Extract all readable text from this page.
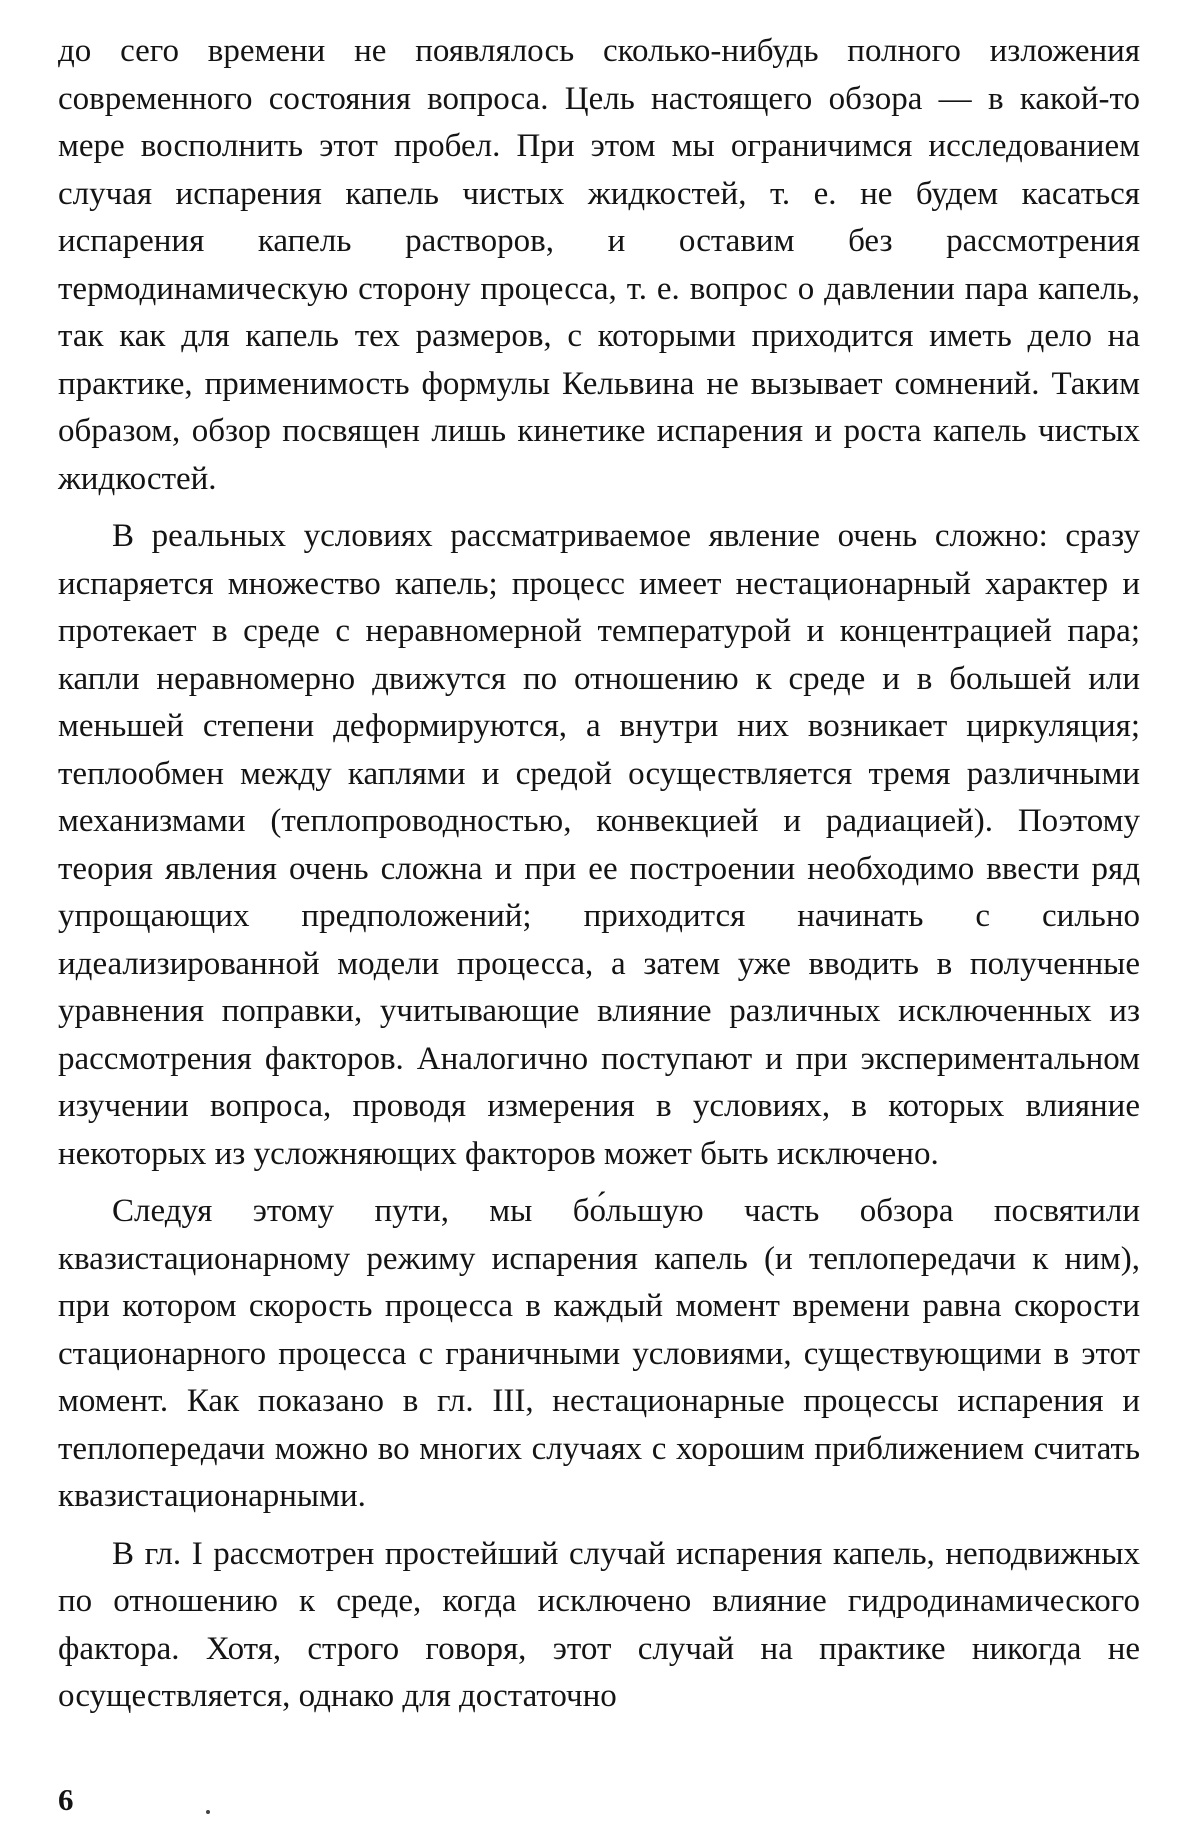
до сего времени не появлялось сколько-нибудь полного изложения современного состояния вопроса. Цель настоящего обзора — в какой-то мере восполнить этот пробел. При этом мы ограничимся исследованием случая испарения капель чистых жидкостей, т. е. не будем касаться испарения капель растворов, и оставим без рассмотрения термодинамическую сторону процесса, т. е. вопрос о давлении пара капель, так как для капель тех размеров, с которыми приходится иметь дело на практике, применимость формулы Кельвина не вызывает сомнений. Таким образом, обзор посвящен лишь кинетике испарения и роста капель чистых жидкостей.

В реальных условиях рассматриваемое явление очень сложно: сразу испаряется множество капель; процесс имеет нестационарный характер и протекает в среде с неравномерной температурой и концентрацией пара; капли неравномерно движутся по отношению к среде и в большей или меньшей степени деформируются, а внутри них возникает циркуляция; теплообмен между каплями и средой осуществляется тремя различными механизмами (теплопроводностью, конвекцией и радиацией). Поэтому теория явления очень сложна и при ее построении необходимо ввести ряд упрощающих предположений; приходится начинать с сильно идеализированной модели процесса, а затем уже вводить в полученные уравнения поправки, учитывающие влияние различных исключенных из рассмотрения факторов. Аналогично поступают и при экспериментальном изучении вопроса, проводя измерения в условиях, в которых влияние некоторых из усложняющих факторов может быть исключено.

Следуя этому пути, мы бо́льшую часть обзора посвятили квазистационарному режиму испарения капель (и теплопередачи к ним), при котором скорость процесса в каждый момент времени равна скорости стационарного процесса с граничными условиями, существующими в этот момент. Как показано в гл. III, нестационарные процессы испарения и теплопередачи можно во многих случаях с хорошим приближением считать квазистационарными.

В гл. I рассмотрен простейший случай испарения капель, неподвижных по отношению к среде, когда исключено влияние гидродинамического фактора. Хотя, строго говоря, этот случай на практике никогда не осуществляется, однако для достаточно

6
